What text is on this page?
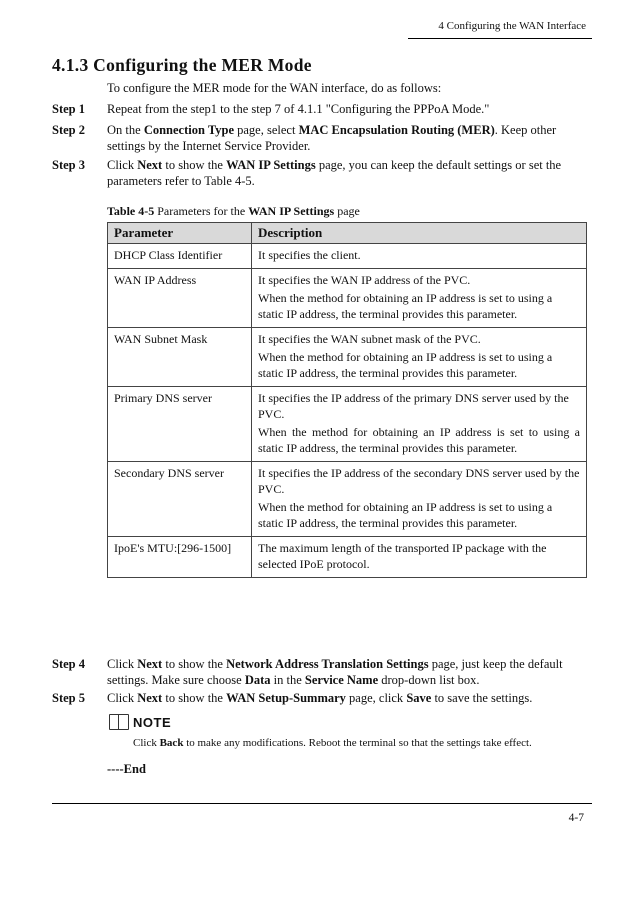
4 Configuring the WAN Interface
4.1.3 Configuring the MER Mode
To configure the MER mode for the WAN interface, do as follows:
Step 1 Repeat from the step1 to the step 7 of 4.1.1 "Configuring the PPPoA Mode."
Step 2 On the Connection Type page, select MAC Encapsulation Routing (MER). Keep other settings by the Internet Service Provider.
Step 3 Click Next to show the WAN IP Settings page, you can keep the default settings or set the parameters refer to Table 4-5.
Table 4-5 Parameters for the WAN IP Settings page
Parameter	Description
DHCP Class Identifier	It specifies the client.

WAN IP Address	It specifies the WAN IP address of the PVC.

When the method for obtaining an IP address is set to using a static IP address, the terminal provides this parameter.

WAN Subnet Mask	It specifies the WAN subnet mask of the PVC.

When the method for obtaining an IP address is set to using a static IP address, the terminal provides this parameter.

Primary DNS server	It specifies the IP address of the primary DNS server used by the PVC.

When the method for obtaining an IP address is set to using a static IP address, the terminal provides this parameter.

Secondary DNS server	It specifies the IP address of the secondary DNS server used by the PVC.

When the method for obtaining an IP address is set to using a static IP address, the terminal provides this parameter.

IpoE's MTU:[296-1500]	The maximum length of the transported IP package with the selected IPoE protocol.

Step 4 Click Next to show the Network Address Translation Settings page, just keep the default settings. Make sure choose Data in the Service Name drop-down list box.
Step 5 Click Next to show the WAN Setup-Summary page, click Save to save the settings.
NOTE
Click Back to make any modifications. Reboot the terminal so that the settings take effect.
----End
4-7
